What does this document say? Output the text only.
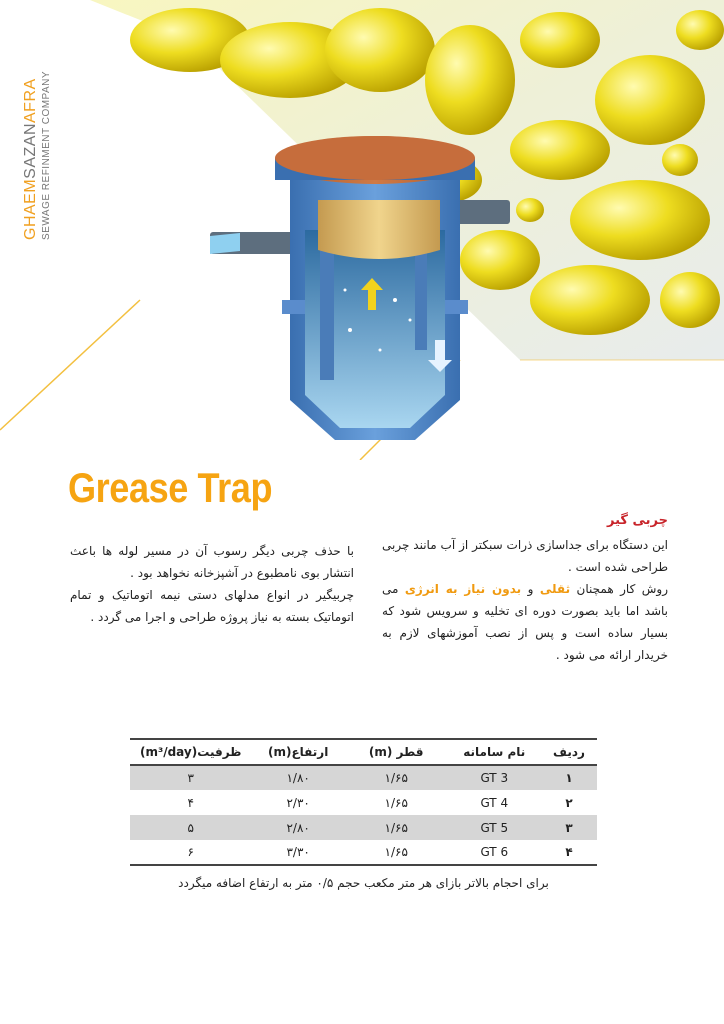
GHAEMSAZANAFRA SEWAGE REFINMENT COMPANY
Grease Trap
چربی گیر

این دستگاه برای جداسازی ذرات سبکتر از آب مانند چربی طراحی شده است .

روش کار همچنان ثقلی و بدون نیاز به انرژی می باشد اما باید بصورت دوره ای تخلیه و سرویس شود که بسیار ساده است و پس از نصب آموزشهای لازم به خریدار ارائه می شود .

با حذف چربی دیگر رسوب آن در مسیر لوله ها باعث انتشار بوی نامطبوع در آشپزخانه نخواهد بود .

چربیگیر در انواع مدلهای دستی نیمه اتوماتیک و تمام اتوماتیک بسته به نیاز پروژه طراحی و اجرا می گردد .

ردیف	نام سامانه	قطر (m)	ارتفاع(m)	ظرفیت(m³/day)
۱	GT 3	۱/۶۵	۱/۸۰	۳
۲	GT 4	۱/۶۵	۲/۳۰	۴
۳	GT 5	۱/۶۵	۲/۸۰	۵
۴	GT 6	۱/۶۵	۳/۳۰	۶
برای احجام بالاتر بازای هر متر مکعب حجم ۰/۵ متر به ارتفاع اضافه میگردد
